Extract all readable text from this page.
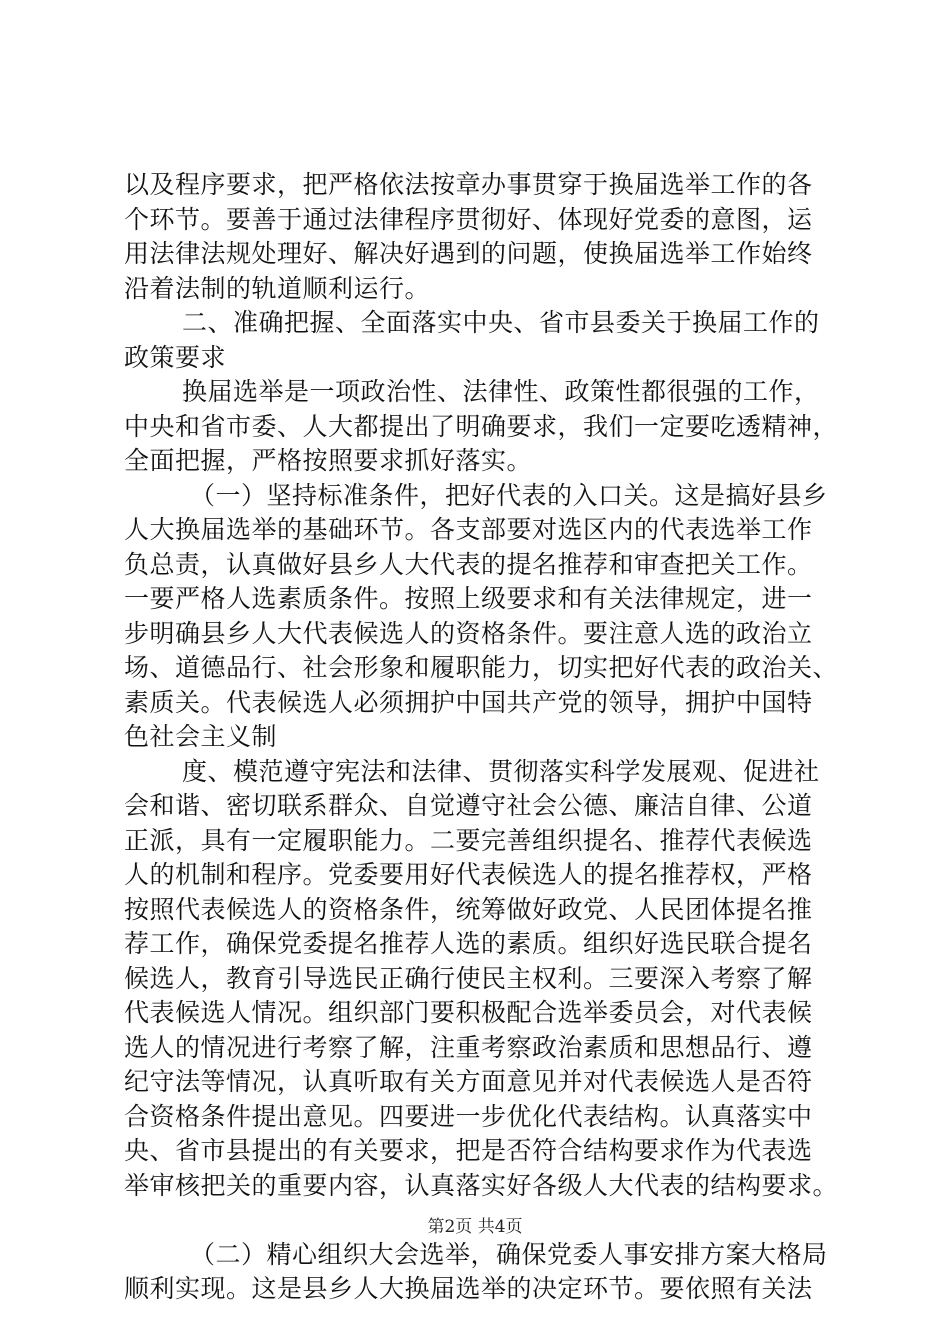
以及程序要求，把严格依法按章办事贯穿于换届选举工作的各
个环节。要善于通过法律程序贯彻好、体现好党委的意图，运
用法律法规处理好、解决好遇到的问题，使换届选举工作始终
沿着法制的轨道顺利运行。
二、准确把握、全面落实中央、省市县委关于换届工作的
政策要求
换届选举是一项政治性、法律性、政策性都很强的工作，
中央和省市委、人大都提出了明确要求，我们一定要吃透精神，
全面把握，严格按照要求抓好落实。
（一）坚持标准条件，把好代表的入口关。这是搞好县乡
人大换届选举的基础环节。各支部要对选区内的代表选举工作
负总责，认真做好县乡人大代表的提名推荐和审查把关工作。
一要严格人选素质条件。按照上级要求和有关法律规定，进一
步明确县乡人大代表候选人的资格条件。要注意人选的政治立
场、道德品行、社会形象和履职能力，切实把好代表的政治关、
素质关。代表候选人必须拥护中国共产党的领导，拥护中国特
色社会主义制
度、模范遵守宪法和法律、贯彻落实科学发展观、促进社
会和谐、密切联系群众、自觉遵守社会公德、廉洁自律、公道
正派，具有一定履职能力。二要完善组织提名、推荐代表候选
人的机制和程序。党委要用好代表候选人的提名推荐权，严格
按照代表候选人的资格条件，统筹做好政党、人民团体提名推
荐工作，确保党委提名推荐人选的素质。组织好选民联合提名
候选人，教育引导选民正确行使民主权利。三要深入考察了解
代表候选人情况。组织部门要积极配合选举委员会，对代表候
选人的情况进行考察了解，注重考察政治素质和思想品行、遵
纪守法等情况，认真听取有关方面意见并对代表候选人是否符
合资格条件提出意见。四要进一步优化代表结构。认真落实中
央、省市县提出的有关要求，把是否符合结构要求作为代表选
举审核把关的重要内容，认真落实好各级人大代表的结构要求。
（二）精心组织大会选举，确保党委人事安排方案大格局
顺利实现。这是县乡人大换届选举的决定环节。要依照有关法
第2页 共4页
